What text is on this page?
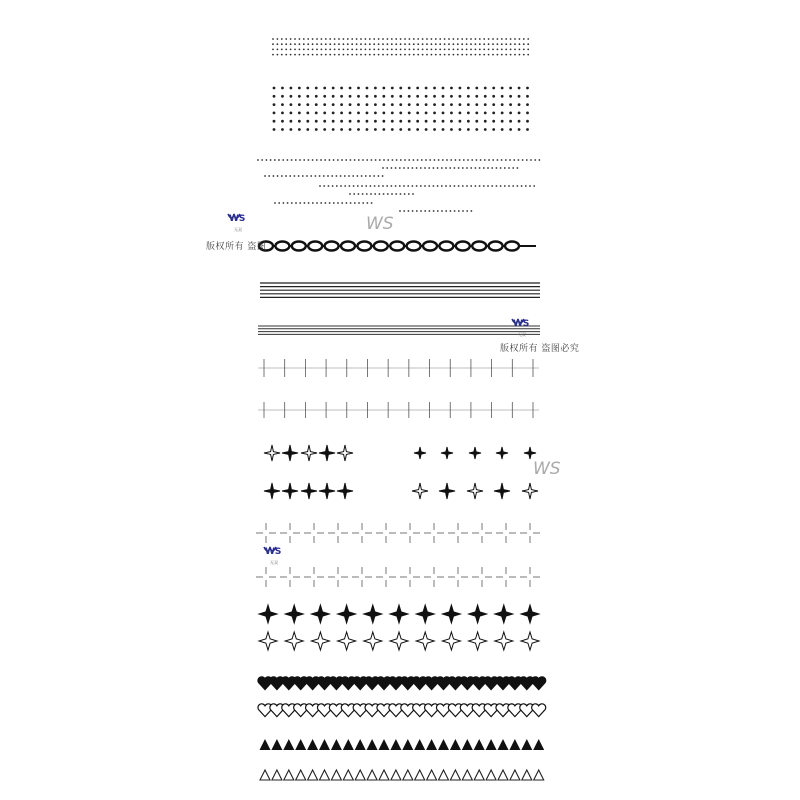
WS
无双
WS
无双
WS
无双
WS
WS
版权所有 盗图
版权所有 盗图必究
